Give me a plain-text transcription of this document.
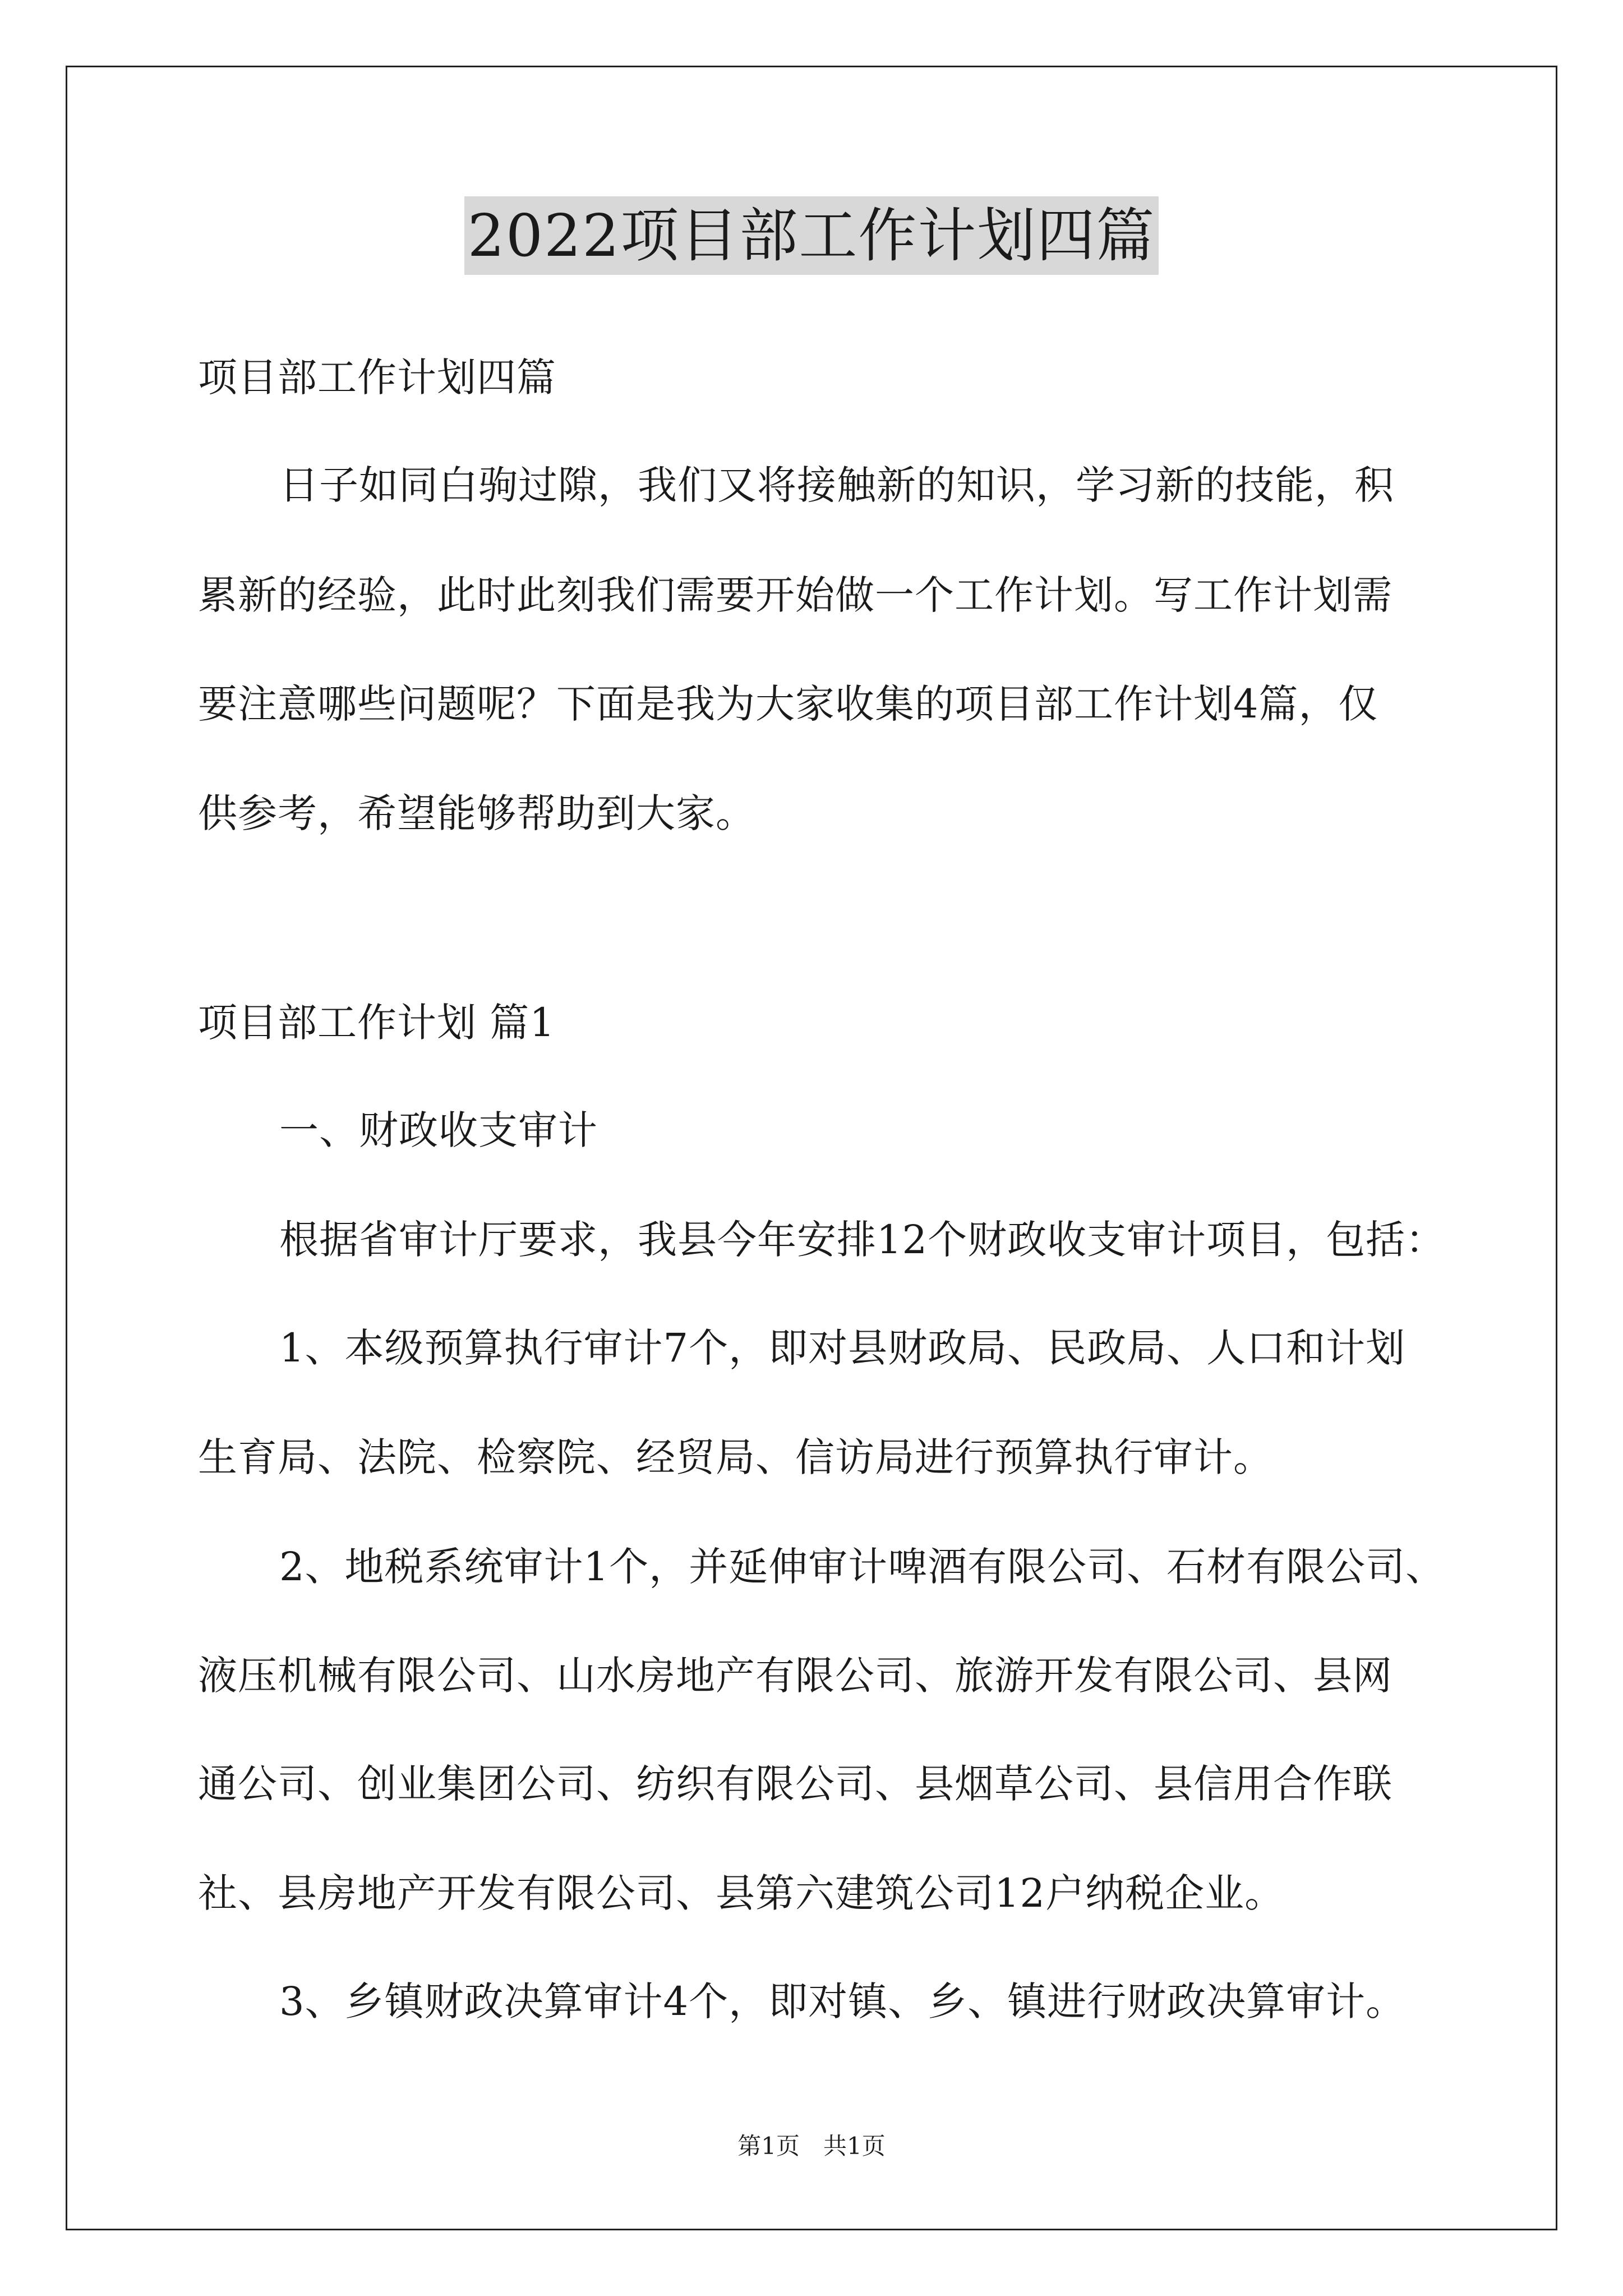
2022项目部工作计划四篇
项目部工作计划四篇
日子如同白驹过隙，我们又将接触新的知识，学习新的技能，积
累新的经验，此时此刻我们需要开始做一个工作计划。写工作计划需
要注意哪些问题呢？下面是我为大家收集的项目部工作计划4篇，仅
供参考，希望能够帮助到大家。
项目部工作计划 篇1
一、财政收支审计
根据省审计厅要求，我县今年安排12个财政收支审计项目，包括：
1、本级预算执行审计7个，即对县财政局、民政局、人口和计划
生育局、法院、检察院、经贸局、信访局进行预算执行审计。
2、地税系统审计1个，并延伸审计啤酒有限公司、石材有限公司、
液压机械有限公司、山水房地产有限公司、旅游开发有限公司、县网
通公司、创业集团公司、纺织有限公司、县烟草公司、县信用合作联
社、县房地产开发有限公司、县第六建筑公司12户纳税企业。
3、乡镇财政决算审计4个，即对镇、乡、镇进行财政决算审计。
第1页　共1页
